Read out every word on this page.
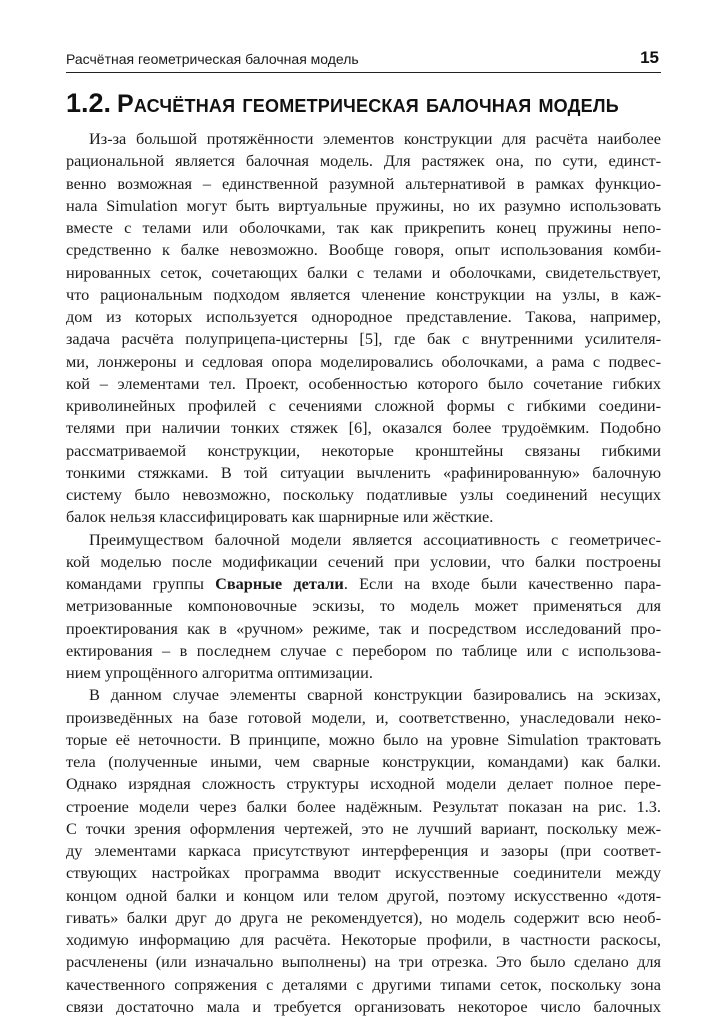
Расчётная геометрическая балочная модель	15
1.2. Расчётная геометрическая балочная модель
Из-за большой протяжённости элементов конструкции для расчёта наиболее
рациональной является балочная модель. Для растяжек она, по сути, единст-
венно возможная – единственной разумной альтернативой в рамках функцио-
нала Simulation могут быть виртуальные пружины, но их разумно использовать
вместе с телами или оболочками, так как прикрепить конец пружины непо-
средственно к балке невозможно. Вообще говоря, опыт использования комби-
нированных сеток, сочетающих балки с телами и оболочками, свидетельствует,
что рациональным подходом является членение конструкции на узлы, в каж-
дом из которых используется однородное представление. Такова, например,
задача расчёта полуприцепа-цистерны [5], где бак с внутренними усилителя-
ми, лонжероны и седловая опора моделировались оболочками, а рама с подвес-
кой – элементами тел. Проект, особенностью которого было сочетание гибких
криволинейных профилей с сечениями сложной формы с гибкими соедини-
телями при наличии тонких стяжек [6], оказался более трудоёмким. Подобно
рассматриваемой конструкции, некоторые кронштейны связаны гибкими
тонкими стяжками. В той ситуации вычленить «рафинированную» балочную
систему было невозможно, поскольку податливые узлы соединений несущих
балок нельзя классифицировать как шарнирные или жёсткие.
Преимуществом балочной модели является ассоциативность с геометричес-
кой моделью после модификации сечений при условии, что балки построены
командами группы Сварные детали. Если на входе были качественно пара-
метризованные компоновочные эскизы, то модель может применяться для
проектирования как в «ручном» режиме, так и посредством исследований про-
ектирования – в последнем случае с перебором по таблице или с использова-
нием упрощённого алгоритма оптимизации.
В данном случае элементы сварной конструкции базировались на эскизах,
произведённых на базе готовой модели, и, соответственно, унаследовали неко-
торые её неточности. В принципе, можно было на уровне Simulation трактовать
тела (полученные иными, чем сварные конструкции, командами) как балки.
Однако изрядная сложность структуры исходной модели делает полное пере-
строение модели через балки более надёжным. Результат показан на рис. 1.3.
С точки зрения оформления чертежей, это не лучший вариант, поскольку меж-
ду элементами каркаса присутствуют интерференция и зазоры (при соответ-
ствующих настройках программа вводит искусственные соединители между
концом одной балки и концом или телом другой, поэтому искусственно «дотя-
гивать» балки друг до друга не рекомендуется), но модель содержит всю необ-
ходимую информацию для расчёта. Некоторые профили, в частности раскосы,
расчленены (или изначально выполнены) на три отрезка. Это было сделано для
качественного сопряжения с деталями с другими типами сеток, поскольку зона
связи достаточно мала и требуется организовать некоторое число балочных
